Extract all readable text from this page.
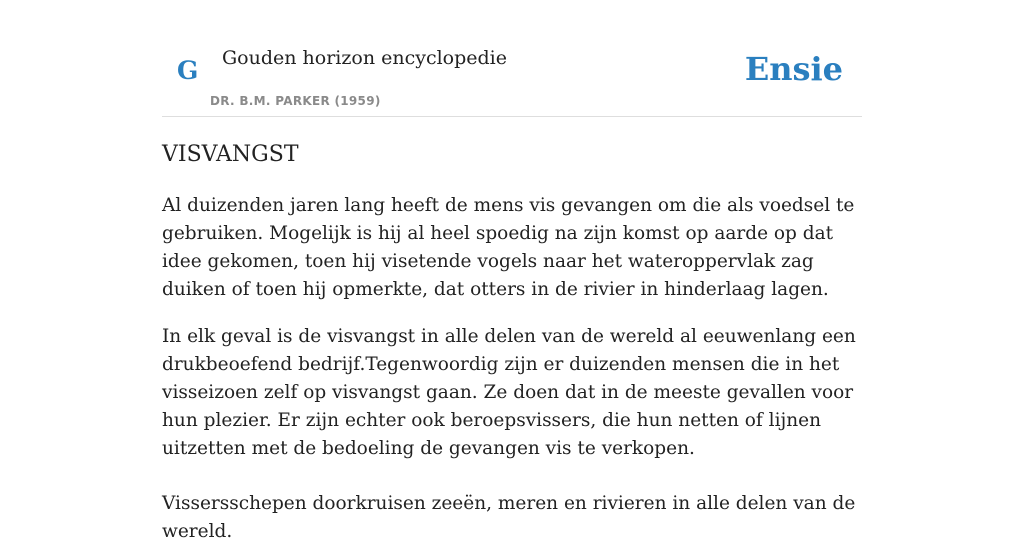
G Gouden horizon encyclopedie
DR. B.M. PARKER (1959)
Ensie
VISVANGST

Al duizenden jaren lang heeft de mens vis gevangen om die als voedsel te gebruiken. Mogelijk is hij al heel spoedig na zijn komst op aarde op dat idee gekomen, toen hij visetende vogels naar het wateroppervlak zag duiken of toen hij opmerkte, dat otters in de rivier in hinderlaag lagen.

In elk geval is de visvangst in alle delen van de wereld al eeuwenlang een drukbeoefend bedrijf.Tegenwoordig zijn er duizenden mensen die in het visseizoen zelf op visvangst gaan. Ze doen dat in de meeste gevallen voor hun plezier. Er zijn echter ook beroepsvissers, die hun netten of lijnen uitzetten met de bedoeling de gevangen vis te verkopen.

Vissersschepen doorkruisen zeeën, meren en rivieren in alle delen van de wereld.
